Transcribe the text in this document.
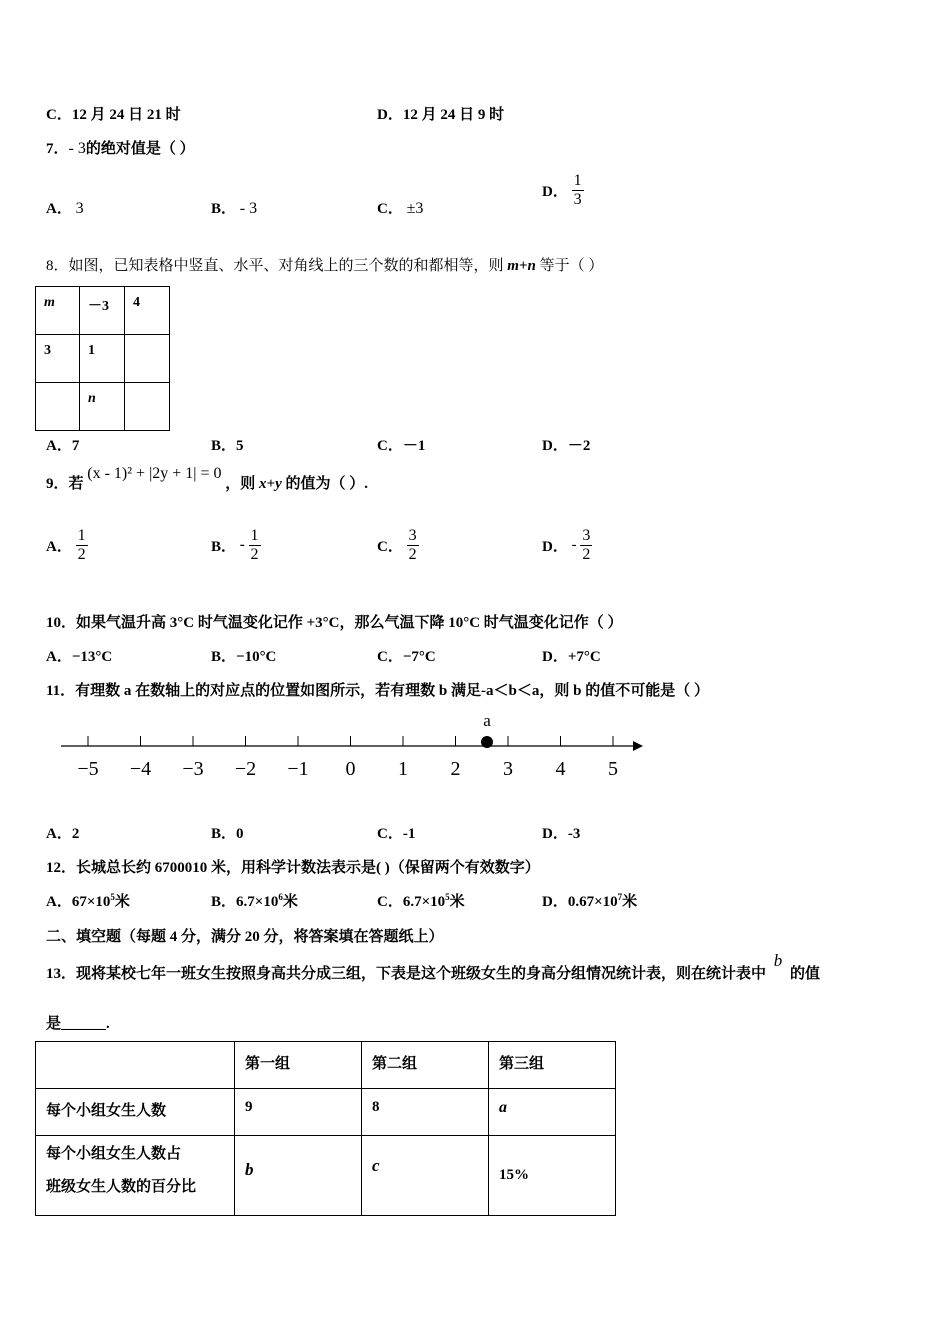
C．12 月 24 日 21 时	D．12 月 24 日 9 时
7．- 3的绝对值是（ ）
A． 3	B． - 3	C． ±3
D． $\frac{1}{3}$
8．如图，已知表格中竖直、水平、对角线上的三个数的和都相等，则 m+n 等于（ ）
m	－3	4
3	1	
	n	
A．7	B．5	C．－1	D．－2
9．若 (x - 1)² + |2y + 1| = 0 ，则 x+y 的值为（ ）.
A． $\frac{1}{2}$	B． - $\frac{1}{2}$	C． $\frac{3}{2}$	D． - $\frac{3}{2}$
10．如果气温升高 3°C 时气温变化记作 +3°C，那么气温下降 10°C 时气温变化记作（ ）
A．−13°C	B．−10°C	C．−7°C	D．+7°C
11．有理数 a 在数轴上的对应点的位置如图所示，若有理数 b 满足-a＜b＜a，则 b 的值不可能是（ ）
−5 −4 −3 −2 −1 0 1 2 3 4 5
a
A．2	B．0	C．-1	D．-3
12．长城总长约 6700010 米，用科学计数法表示是( )（保留两个有效数字）
A．$67\times 10^5$米	B．$6.7\times 10^6$米	C．$6.7\times 10^5$米	D．$0.67\times 10^7$米
二、填空题（每题 4 分，满分 20 分，将答案填在答题纸上）
13．现将某校七年一班女生按照身高共分成三组，下表是这个班级女生的身高分组情况统计表，则在统计表中 b 的值
是______.
	第一组	第二组	第三组
每个小组女生人数	9	8	a

每个小组女生人数占
班级女生人数的百分比	b	c	15%
